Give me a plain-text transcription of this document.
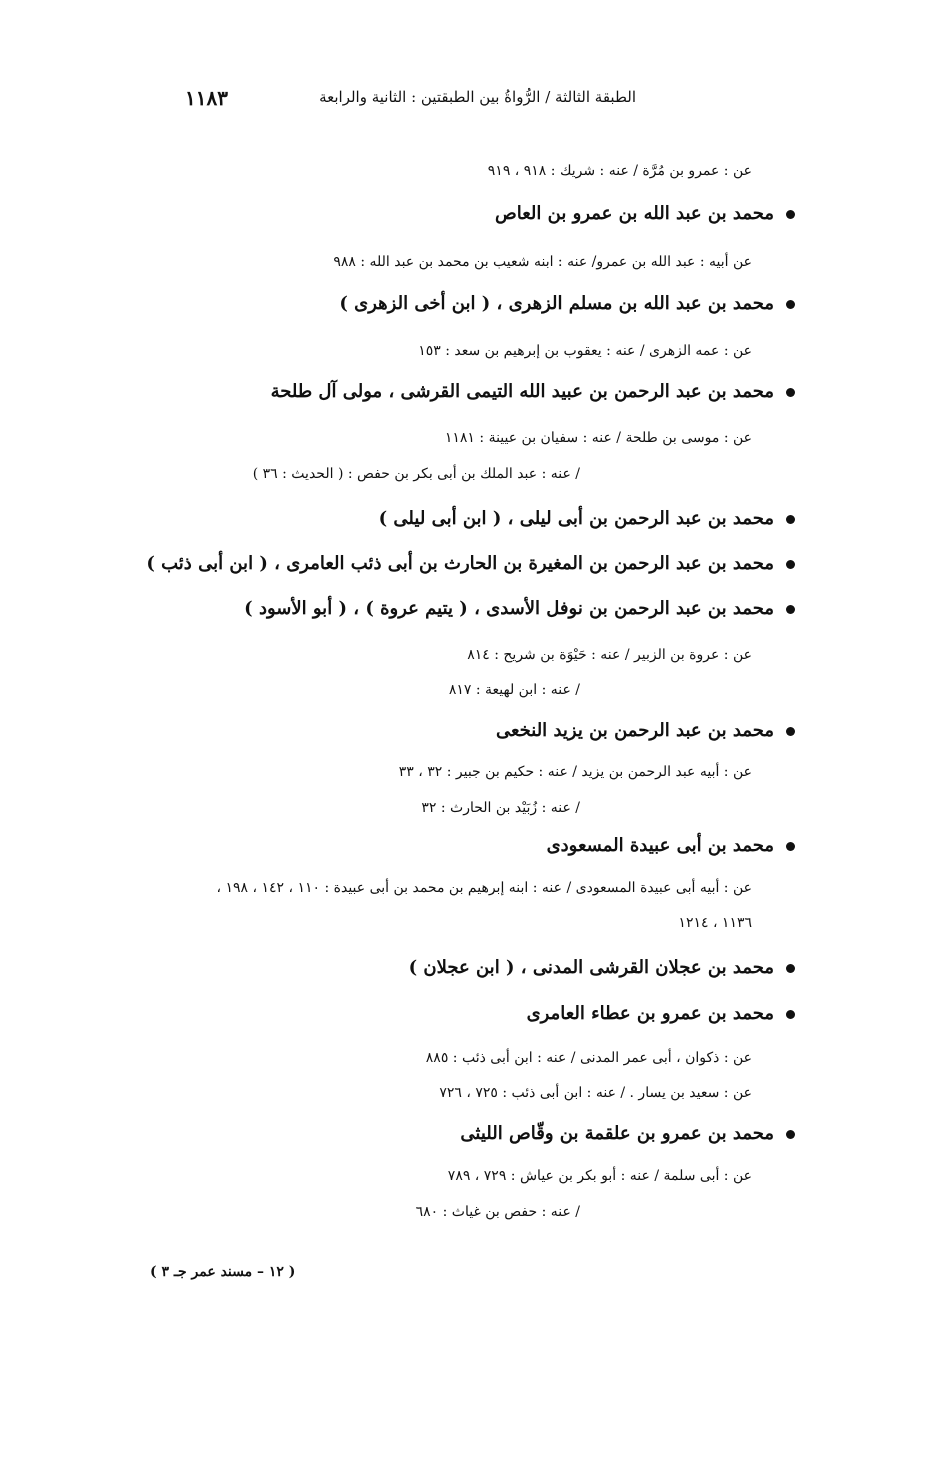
الطبقة الثالثة / الرُّواةُ بين الطبقتين : الثانية والرابعة
١١٨٣
عن : عمرو بن مُرَّة / عنه : شريك : ٩١٨ ، ٩١٩
محمد بن عبد الله بن عمرو بن العاص
عن أبيه : عبد الله بن عمرو/ عنه : ابنه شعيب بن محمد بن عبد الله : ٩٨٨
محمد بن عبد الله بن مسلم الزهرى ، ( ابن أخى الزهرى )
عن : عمه الزهرى / عنه : يعقوب بن إبرهيم بن سعد : ١٥٣
محمد بن عبد الرحمن بن عبيد الله التيمى القرشى ، مولى آل طلحة
عن : موسى بن طلحة / عنه : سفيان بن عيينة : ١١٨١
/ عنه : عبد الملك بن أبى بكر بن حفص : ( الحديث : ٣٦ )
محمد بن عبد الرحمن بن أبى ليلى ، ( ابن أبى ليلى )
محمد بن عبد الرحمن بن المغيرة بن الحارث بن أبى ذئب العامرى ، ( ابن أبى ذئب )
محمد بن عبد الرحمن بن نوفل الأسدى ، ( يتيم عروة ) ، ( أبو الأسود )
عن : عروة بن الزبير / عنه : حَيْوَة بن شريح : ٨١٤
/ عنه : ابن لهيعة : ٨١٧
محمد بن عبد الرحمن بن يزيد النخعى
عن : أبيه عبد الرحمن بن يزيد / عنه : حكيم بن جبير : ٣٢ ، ٣٣
/ عنه : زُبَيْد بن الحارث : ٣٢
محمد بن أبى عبيدة المسعودى
عن : أبيه أبى عبيدة المسعودى / عنه : ابنه إبرهيم بن محمد بن أبى عبيدة : ١١٠ ، ١٤٢ ، ١٩٨ ،
١١٣٦ ، ١٢١٤
محمد بن عجلان القرشى المدنى ، ( ابن عجلان )
محمد بن عمرو بن عطاء العامرى
عن : ذكوان ، أبى عمر المدنى / عنه : ابن أبى ذئب : ٨٨٥
عن : سعيد بن يسار . / عنه : ابن أبى ذئب : ٧٢٥ ، ٧٢٦
محمد بن عمرو بن علقمة بن وقّاص الليثى
عن : أبى سلمة / عنه : أبو بكر بن عياش : ٧٢٩ ، ٧٨٩
/ عنه : حفص بن غياث : ٦٨٠
( ١٢ – مسند عمر جـ ٣ )
